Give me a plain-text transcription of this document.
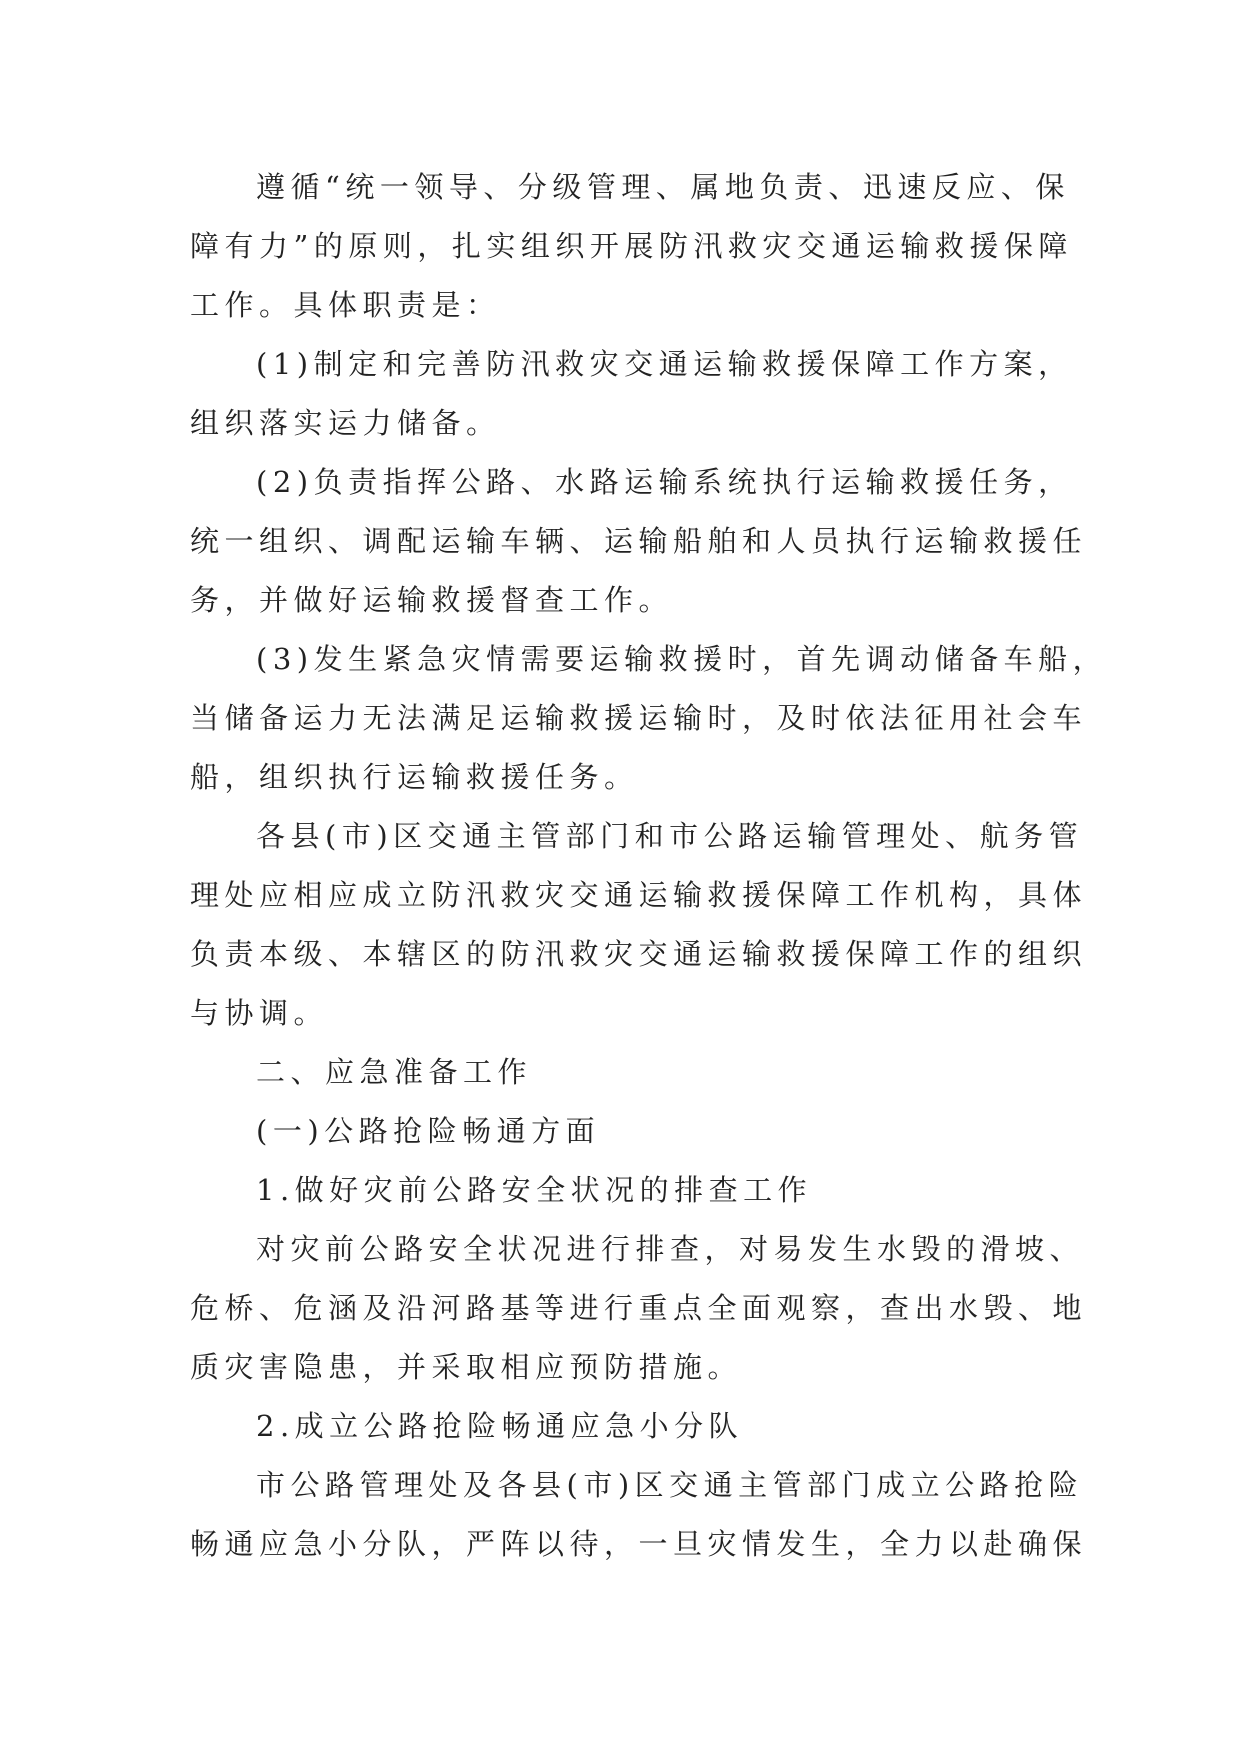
遵循“统一领导、分级管理、属地负责、迅速反应、保
障有力”的原则，扎实组织开展防汛救灾交通运输救援保障
工作。具体职责是：
(1)制定和完善防汛救灾交通运输救援保障工作方案，
组织落实运力储备。
(2)负责指挥公路、水路运输系统执行运输救援任务，
统一组织、调配运输车辆、运输船舶和人员执行运输救援任
务，并做好运输救援督查工作。
(3)发生紧急灾情需要运输救援时，首先调动储备车船，
当储备运力无法满足运输救援运输时，及时依法征用社会车
船，组织执行运输救援任务。
各县(市)区交通主管部门和市公路运输管理处、航务管
理处应相应成立防汛救灾交通运输救援保障工作机构，具体
负责本级、本辖区的防汛救灾交通运输救援保障工作的组织
与协调。
二、应急准备工作
(一)公路抢险畅通方面
1.做好灾前公路安全状况的排查工作
对灾前公路安全状况进行排查，对易发生水毁的滑坡、
危桥、危涵及沿河路基等进行重点全面观察，查出水毁、地
质灾害隐患，并采取相应预防措施。
2.成立公路抢险畅通应急小分队
市公路管理处及各县(市)区交通主管部门成立公路抢险
畅通应急小分队，严阵以待，一旦灾情发生，全力以赴确保
